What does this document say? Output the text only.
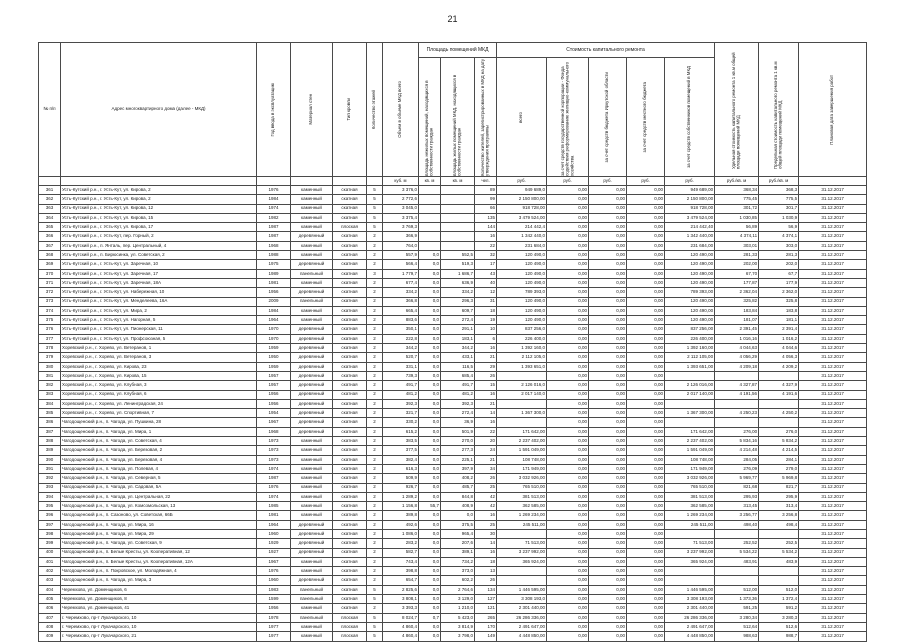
21
№ п/п	Адрес многоквартирного дома (далее - МКД)	Год ввода в эксплуатацию	Материал стен	Тип кровли	Количество этажей	Объем в объеме МКД всего	Площадь помещений МКД			Стоимость капитального ремонта					Удельная стоимость капитального ремонта 1 кв.м общей площади помещений МКД	Предельная стоимость капитального ремонта 1 кв.м общей площади помещений МКД	Плановая дата завершения работ

							площадь нежилых помещений, находящихся в собственности граждан	площадь жилых помещений МКД, находящихся в собственности граждан	Количество жителей, зарегистрированных в МКД на дату утверждения программы	всего	за счет средств государственной корпорации - Фонда содействия реформированию жилищно-коммунального хозяйства	за счет средств бюджета Иркутской области	за счет средств местного бюджета	за счет средств собственников помещений в МКД			

						куб. м	кв. м	кв. м	чел.	руб.	руб.	руб.	руб.	руб.	руб./кв. м	руб./кв. м	
361	Усть-Кутский р.н., г. Усть-Кут, ул. Кирова, 2	1976	каменный	скатная	5	3 376,0			89	949 689,0	0,00	0,00	0,00	949 689,00	368,34	368,3	31.12.2017
362	Усть-Кутский р.н., г. Усть-Кут, ул. Кирова, 2	1984	каменный	скатная	5	2 772,6			99	2 150 800,00	0,00	0,00	0,00	2 150 800,00	775,45	775,5	31.12.2017
363	Усть-Кутский р.н., г. Усть-Кут, ул. Кирова, 12	1974	каменный	скатная	5	3 045,0			66	918 728,00	0,00	0,00	0,00	918 728,00	301,72	301,7	31.12.2017
364	Усть-Кутский р.н., г. Усть-Кут, ул. Кирова, 15	1982	каменный	скатная	5	3 375,4			135	3 479 524,00	0,00	0,00	0,00	3 479 524,00	1 030,85	1 030,9	31.12.2017
365	Усть-Кутский р.н., г. Усть-Кут, ул. Кирова, 17	1987	каменный	плоская	5	3 769,3			144	214 442,4	0,00	0,00	0,00	214 442,40	56,89	56,9	31.12.2017
366	Усть-Кутский р.н., г. Усть-Кут, пер. Горный, 2	1987	деревянный	скатная	2	366,9			16	1 342 440,0	0,00	0,00	0,00	1 342 440,00	4 374,11	4 374,1	31.12.2017
367	Усть-Кутский р.н., п. Янталь, пер. Центральный, 4	1968	каменный	скатная	2	764,0			22	231 684,0	0,00	0,00	0,00	231 684,00	303,01	303,0	31.12.2017
368	Усть-Кутский р.н., п. Бирюсинка, ул. Советская, 2	1988	каменный	скатная	2	557,9	0,0	552,5	32	120 490,0	0,00	0,00	0,00	120 490,00	281,33	281,3	31.12.2017
369	Усть-Кутский р.н., г. Усть-Кут, ул. Заречная, 10	1975	деревянный	скатная	2	566,4	0,0	519,3	17	120 490,0	0,00	0,00	0,00	120 490,00	202,00	202,0	31.12.2017
370	Усть-Кутский р.н., г. Усть-Кут, ул. Заречная, 17	1989	панельный	скатная	3	1 779,7	0,0	1 686,7	43	120 490,0	0,00	0,00	0,00	120 490,00	67,70	67,7	31.12.2017
371	Усть-Кутский р.н., г. Усть-Кут, ул. Заречная, 18А	1981	каменный	скатная	2	677,4	0,0	636,9	40	120 490,0	0,00	0,00	0,00	120 490,00	177,87	177,9	31.12.2017
372	Усть-Кутский р.н., г. Усть-Кут, ул. Набережная, 10	1956	деревянный	скатная	2	334,2	0,0	334,2	12	789 393,0	0,00	0,00	0,00	789 393,00	2 362,04	2 362,0	31.12.2017
373	Усть-Кутский р.н., г. Усть-Кут, ул. Менделеева, 16А	2009	панельный	скатная	2	366,8	0,0	296,3	31	120 490,0	0,00	0,00	0,00	120 490,00	325,82	325,8	31.12.2017
374	Усть-Кутский р.н., г. Усть-Кут, ул. Мира, 2	1984	каменный	скатная	2	665,4	0,0	609,7	18	120 490,0	0,00	0,00	0,00	120 490,00	183,84	183,8	31.12.2017
375	Усть-Кутский р.н., г. Усть-Кут, ул. Нагорная, 5	1964	каменный	скатная	2	883,6	0,0	272,4	19	120 490,0	0,00	0,00	0,00	120 490,00	181,07	181,1	31.12.2017
376	Усть-Кутский р.н., г. Усть-Кут, ул. Пионерская, 11	1970	деревянный	скатная	2	350,1	0,0	291,1	10	837 256,0	0,00	0,00	0,00	837 256,00	2 391,45	2 391,4	31.12.2017
377	Усть-Кутский р.н., г. Усть-Кут, ул. Профсоюзная, 5	1970	деревянный	скатная	2	222,8	0,0	183,1	6	226 400,0	0,00	0,00	0,00	226 400,00	1 016,16	1 016,2	31.12.2017
378	Хоревский р.н., г. Хорево, ул. Ветеранов, 1	1959	деревянный	скатная	2	344,2	0,0	344,2	16	1 392 160,0	0,00	0,00	0,00	1 392 160,00	4 044,63	4 044,6	31.12.2017
379	Хоревский р.н., г. Хорево, ул. Ветеранов, 3	1950	деревянный	скатная	2	520,7	0,0	433,1	21	2 112 105,0	0,00	0,00	0,00	2 112 105,00	4 056,29	4 056,3	31.12.2017
380	Хоревский р.н., г. Хорево, ул. Кирова, 23	1959	деревянный	скатная	2	331,1	0,0	116,5	29	1 393 651,0	0,00	0,00	0,00	1 393 651,00	4 209,18	4 209,2	31.12.2017
381	Хоревский р.н., г. Хорево, ул. Кирова, 15	1957	деревянный	скатная	2	739,3	0,0	685,4	26		0,00	0,00	0,00				31.12.2017
382	Хоревский р.н., г. Хорево, ул. Клубная, 3	1957	деревянный	скатная	2	491,7	0,0	491,7	15	2 126 016,0	0,00	0,00	0,00	2 126 016,00	4 327,87	4 327,9	31.12.2017
383	Хоревский р.н., г. Хорево, ул. Клубная, 6	1956	деревянный	скатная	2	481,2	0,0	481,2	16	2 017 140,0	0,00	0,00	0,00	2 017 140,00	4 191,56	4 191,6	31.12.2017
384	Хоревский р.н., г. Хорево, ул. Ленинградская, 24	1956	деревянный	скатная	2	392,3	0,0	392,3	21		0,00	0,00	0,00				31.12.2017
385	Хоревский р.н., г. Хорево, ул. Спортивная, 7	1954	деревянный	скатная	2	321,7	0,0	272,4	14	1 367 300,0	0,00	0,00	0,00	1 367 300,00	4 250,23	4 250,2	31.12.2017
386	Чагодощенский р.н., п. Чагода, ул. Пушкина, 28	1967	деревянный	скатная	2	330,2	0,0	36,9	16		0,00	0,00	0,00				31.12.2017
387	Чагодощенский р.н., п. Чагода, ул. Мира, 1	1968	деревянный	скатная	2	615,2	0,0	501,9	22	171 642,00	0,00	0,00	0,00	171 642,00	276,00	276,0	31.12.2017
388	Чагодощенский р.н., п. Чагода, ул. Советская, 4	1973	каменный	скатная	2	383,5	0,0	270,0	20	2 237 402,00	0,00	0,00	0,00	2 237 402,00	5 834,16	5 834,2	31.12.2017
389	Чагодощенский р.н., п. Чагода, ул. Березовая, 2	1973	каменный	скатная	2	377,5	0,0	277,3	24	1 591 049,00	0,00	0,00	0,00	1 591 049,00	4 214,48	4 214,5	31.12.2017
390	Чагодощенский р.н., п. Чагода, ул. Березовая, 4	1973	каменный	скатная	2	382,4	0,0	225,1	21	108 748,00	0,00	0,00	0,00	108 748,00	284,05	284,1	31.12.2017
391	Чагодощенский р.н., п. Чагода, ул. Полевая, 4	1974	каменный	скатная	2	616,3	0,0	397,9	34	171 949,00	0,00	0,00	0,00	171 949,00	276,09	279,0	31.12.2017
392	Чагодощенский р.н., п. Чагода, ул. Северная, 5	1987	каменный	скатная	2	509,9	0,0	408,2	26	3 032 926,00	0,00	0,00	0,00	3 032 926,00	5 969,77	5 969,8	31.12.2017
393	Чагодощенский р.н., п. Чагода, ул. Садовая, 5А	1976	каменный	скатная	2	926,7	0,0	485,7	25	765 510,00	0,00	0,00	0,00	765 510,00	821,68	821,7	31.12.2017
394	Чагодощенский р.н., п. Чагода, ул. Центральная, 22	1974	каменный	скатная	2	1 289,2	0,0	844,8	42	381 513,00	0,00	0,00	0,00	381 513,00	295,93	295,9	31.12.2017
395	Чагодощенский р.н., п. Чагода, ул. Комсомольская, 13	1985	каменный	скатная	2	1 156,8	55,7	408,9	42	362 585,00	0,00	0,00	0,00	362 585,00	313,45	313,4	31.12.2017
396	Чагодощенский р.н., п. Сазоново, ул. Советская, 66Б	1981	каменный	скатная	2	389,8	0,0	0,0	16	1 269 234,00	0,00	0,00	0,00	1 269 234,00	3 256,77	3 256,8	31.12.2017
397	Чагодощенский р.н., п. Чагода, ул. Мира, 16	1964	деревянный	скатная	2	492,6	0,0	375,5	25	245 511,00	0,00	0,00	0,00	245 511,00	498,40	498,4	31.12.2017
398	Чагодощенский р.н., п. Чагода, ул. Мира, 29	1960	деревянный	скатная	2	1 086,0	0,0	965,4	30		0,00	0,00	0,00				31.12.2017
399	Чагодощенский р.н., п. Чагода, ул. Советская, 9	1929	деревянный	скатная	2	283,2	0,0	207,6	14	71 513,00	0,00	0,00	0,00	71 513,00	252,52	252,5	31.12.2017
400	Чагодощенский р.н., п. Белые Кресты, ул. Кооперативная, 12	1927	деревянный	скатная	2	582,7	0,0	389,1	16	3 237 992,00	0,00	0,00	0,00	3 237 992,00	5 534,22	5 534,2	31.12.2017
401	Чагодощенский р.н., п. Белые Кресты, ул. Кооперативная, 12А	1967	каменный	скатная	2	743,4	0,0	734,2	18	365 924,00	0,00	0,00	0,00	365 924,00	483,91	483,9	31.12.2017
402	Чагодощенский р.н., п. Покровское, ул. Молодёжная, 4	1976	каменный	скатная	2	398,8	0,0	373,0	13		0,00	0,00	0,00				31.12.2017
403	Чагодощенский р.н., п. Чагода, ул. Мира, 3	1960	деревянный	скатная	2	654,7	0,0	602,2	26		0,00	0,00	0,00				31.12.2017
404	Черемхово, ул. Доменщиков, 6	1983	панельный	скатная	5	2 825,6	0,0	2 764,6	134	1 446 595,00	0,00	0,00	0,00	1 446 595,00	512,00	512,0	31.12.2017
405	Черемхово, ул. Доменщиков, 8	1599	панельный	скатная	5	3 808,1	0,0	3 129,0	127	3 308 193,0	0,00	0,00	0,00	3 308 193,00	1 373,36	1 372,4	31.12.2017
406	Черемхово, ул. Доменщиков, 41	1956	каменный	скатная	2	3 393,3	0,0	1 210,0	121	2 301 440,00	0,00	0,00	0,00	2 301 440,00	591,25	591,2	31.12.2017
407	г. Черемхово, пр-т Лукачарского, 10	1978	панельный	плоская	5	8 024,7	0,7	5 423,0	265	26 286 336,00	0,00	0,00	0,00	26 286 336,00	3 280,34	3 280,3	31.12.2017
408	г. Черемхово, пр-т Лукачарского, 10	1977	каменный	плоская	5	4 860,4	0,0	3 814,9	170	2 491 647,00	0,00	0,00	0,00	2 491 647,00	512,64	512,6	31.12.2017
409	г. Черемхово, пр-т Лукачарского, 21	1977	каменный	плоская	5	4 860,4	0,0	3 798,0	149	4 448 850,00	0,00	0,00	0,00	4 448 850,00	988,63	988,7	31.12.2017
